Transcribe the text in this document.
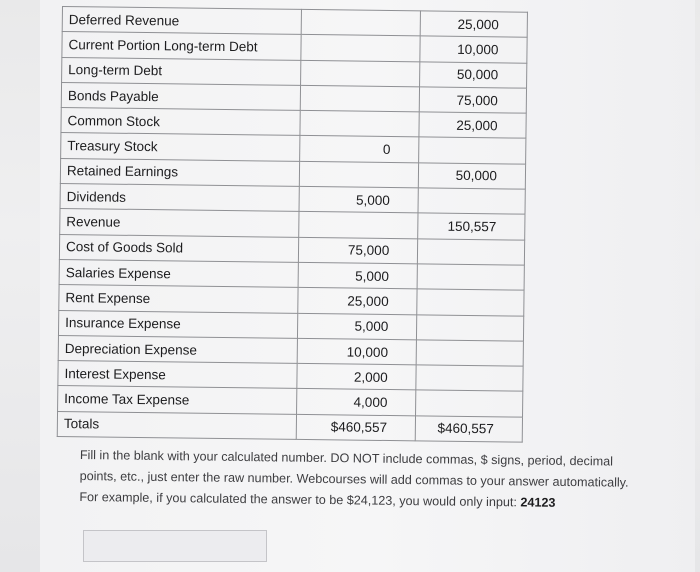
Deferred Revenue		25,000
Current Portion Long-term Debt		10,000
Long-term Debt		50,000
Bonds Payable		75,000
Common Stock		25,000
Treasury Stock	0	
Retained Earnings		50,000
Dividends	5,000	
Revenue		150,557
Cost of Goods Sold	75,000	
Salaries Expense	5,000	
Rent Expense	25,000	
Insurance Expense	5,000	
Depreciation Expense	10,000	
Interest Expense	2,000	
Income Tax Expense	4,000	
Totals	$460,557	$460,557
Fill in the blank with your calculated number. DO NOT include commas, $ signs, period, decimal
points, etc., just enter the raw number. Webcourses will add commas to your answer automatically.
For example, if you calculated the answer to be $24,123, you would only input: 24123
